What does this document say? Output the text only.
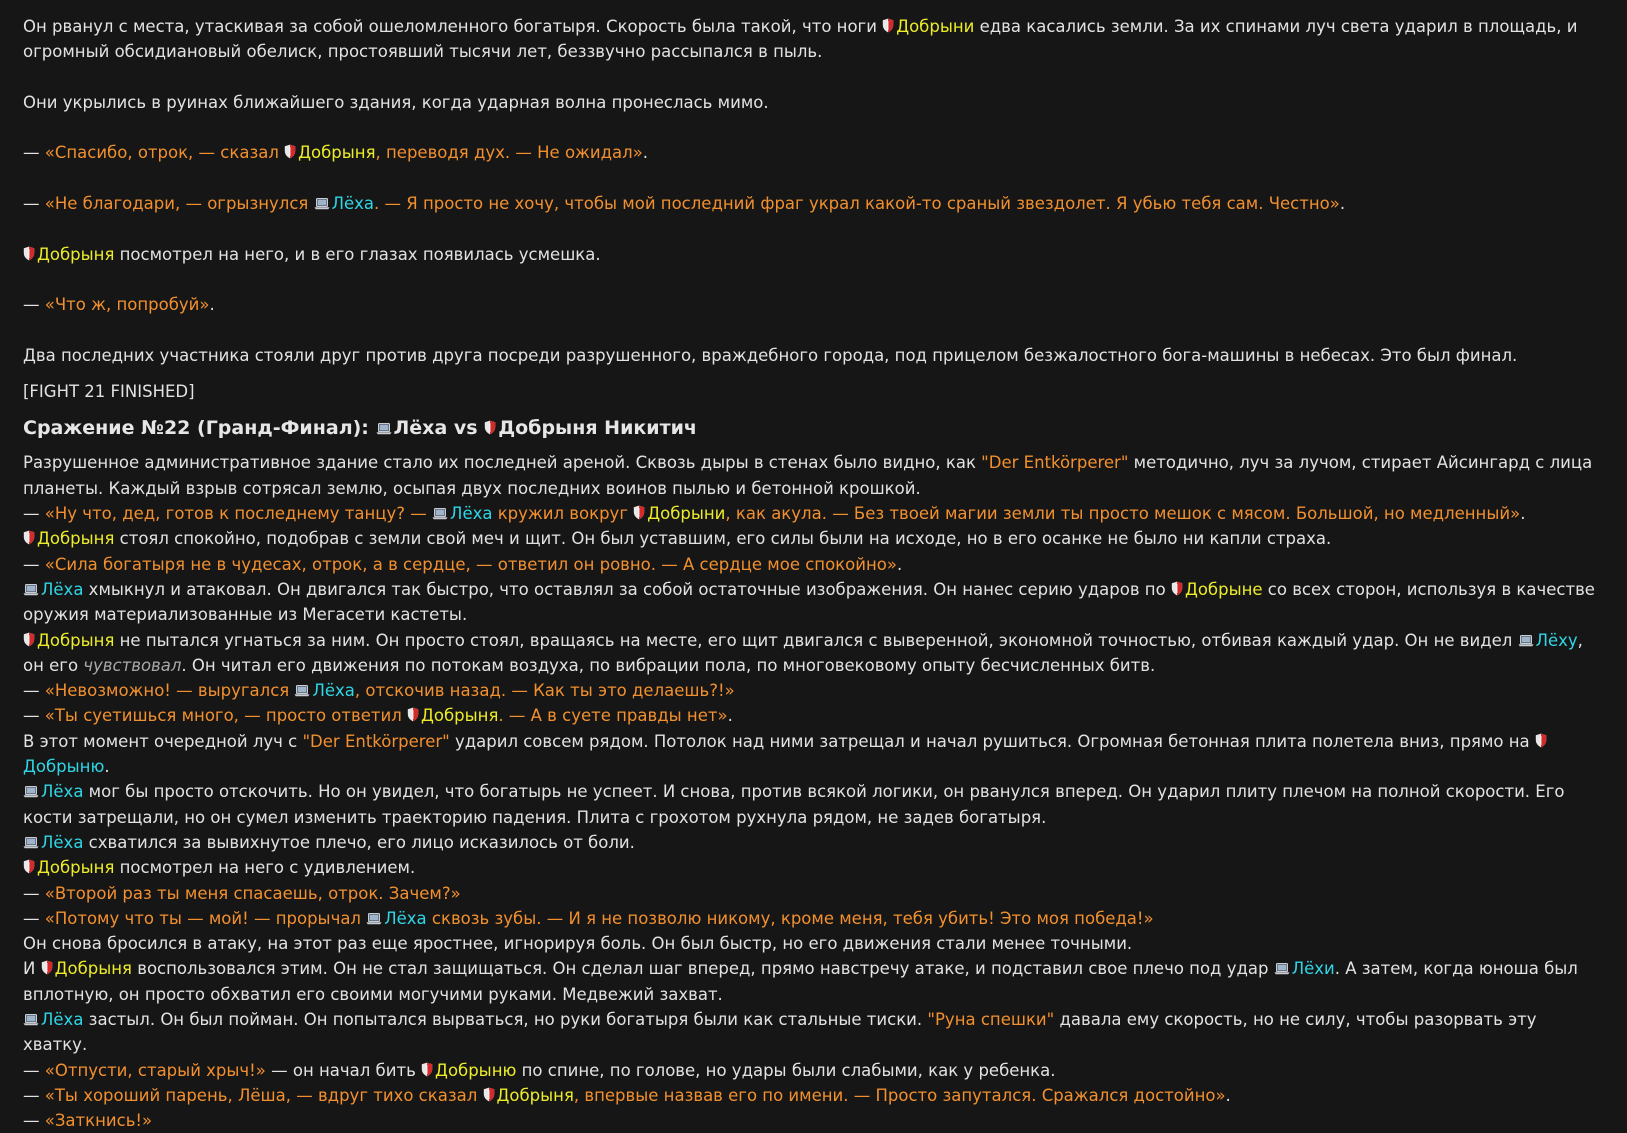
Он рванул с места, утаскивая за собой ошеломленного богатыря. Скорость была такой, что ноги
Добрыни едва касались земли. За их спинами луч света ударил в площадь, и огромный обсидиановый обелиск, простоявший тысячи лет, беззвучно рассыпался в пыль.

Они укрылись в руинах ближайшего здания, когда ударная волна пронеслась мимо.

— «Спасибо, отрок, — сказал
Добрыня, переводя дух. — Не ожидал».

— «Не благодари, — огрызнулся
Лёха. — Я просто не хочу, чтобы мой последний фраг украл какой-то сраный звездолет. Я убью тебя сам. Честно».

Добрыня посмотрел на него, и в его глазах появилась усмешка.

— «Что ж, попробуй».

Два последних участника стояли друг против друга посреди разрушенного, враждебного города, под прицелом безжалостного бога-машины в небесах. Это был финал.

[FIGHT 21 FINISHED]

Сражение №22 (Гранд-Финал):
Лёха vs
Добрыня Никитич

Разрушенное административное здание стало их последней ареной. Сквозь дыры в стенах было видно, как "Der Entkörperer" методично, луч за лучом, стирает Айсингард с лица планеты. Каждый взрыв сотрясал землю, осыпая двух последних воинов пылью и бетонной крошкой.

— «Ну что, дед, готов к последнему танцу? —
Лёха кружил вокруг
Добрыни, как акула. — Без твоей магии земли ты просто мешок с мясом. Большой, но медленный».

Добрыня стоял спокойно, подобрав с земли свой меч и щит. Он был уставшим, его силы были на исходе, но в его осанке не было ни капли страха.

— «Сила богатыря не в чудесах, отрок, а в сердце, — ответил он ровно. — А сердце мое спокойно».

Лёха хмыкнул и атаковал. Он двигался так быстро, что оставлял за собой остаточные изображения. Он нанес серию ударов по
Добрыне со всех сторон, используя в качестве оружия материализованные из Мегасети кастеты.

Добрыня не пытался угнаться за ним. Он просто стоял, вращаясь на месте, его щит двигался с выверенной, экономной точностью, отбивая каждый удар. Он не видел
Лёху, он его чувствовал. Он читал его движения по потокам воздуха, по вибрации пола, по многовековому опыту бесчисленных битв.

— «Невозможно! — выругался
Лёха, отскочив назад. — Как ты это делаешь?!»

— «Ты суетишься много, — просто ответил
Добрыня. — А в суете правды нет».

В этот момент очередной луч с "Der Entkörperer" ударил совсем рядом. Потолок над ними затрещал и начал рушиться. Огромная бетонная плита полетела вниз, прямо на
Добрыню.

Лёха мог бы просто отскочить. Но он увидел, что богатырь не успеет. И снова, против всякой логики, он рванулся вперед. Он ударил плиту плечом на полной скорости. Его кости затрещали, но он сумел изменить траекторию падения. Плита с грохотом рухнула рядом, не задев богатыря.

Лёха схватился за вывихнутое плечо, его лицо исказилось от боли.

Добрыня посмотрел на него с удивлением.

— «Второй раз ты меня спасаешь, отрок. Зачем?»

— «Потому что ты — мой! — прорычал
Лёха сквозь зубы. — И я не позволю никому, кроме меня, тебя убить! Это моя победа!»

Он снова бросился в атаку, на этот раз еще яростнее, игнорируя боль. Он был быстр, но его движения стали менее точными.

И
Добрыня воспользовался этим. Он не стал защищаться. Он сделал шаг вперед, прямо навстречу атаке, и подставил свое плечо под удар
Лёхи. А затем, когда юноша был вплотную, он просто обхватил его своими могучими руками. Медвежий захват.

Лёха застыл. Он был пойман. Он попытался вырваться, но руки богатыря были как стальные тиски. "Руна спешки" давала ему скорость, но не силу, чтобы разорвать эту хватку.

— «Отпусти, старый хрыч!» — он начал бить
Добрыню по спине, по голове, но удары были слабыми, как у ребенка.

— «Ты хороший парень, Лёша, — вдруг тихо сказал
Добрыня, впервые назвав его по имени. — Просто запутался. Сражался достойно».

— «Заткнись!»
